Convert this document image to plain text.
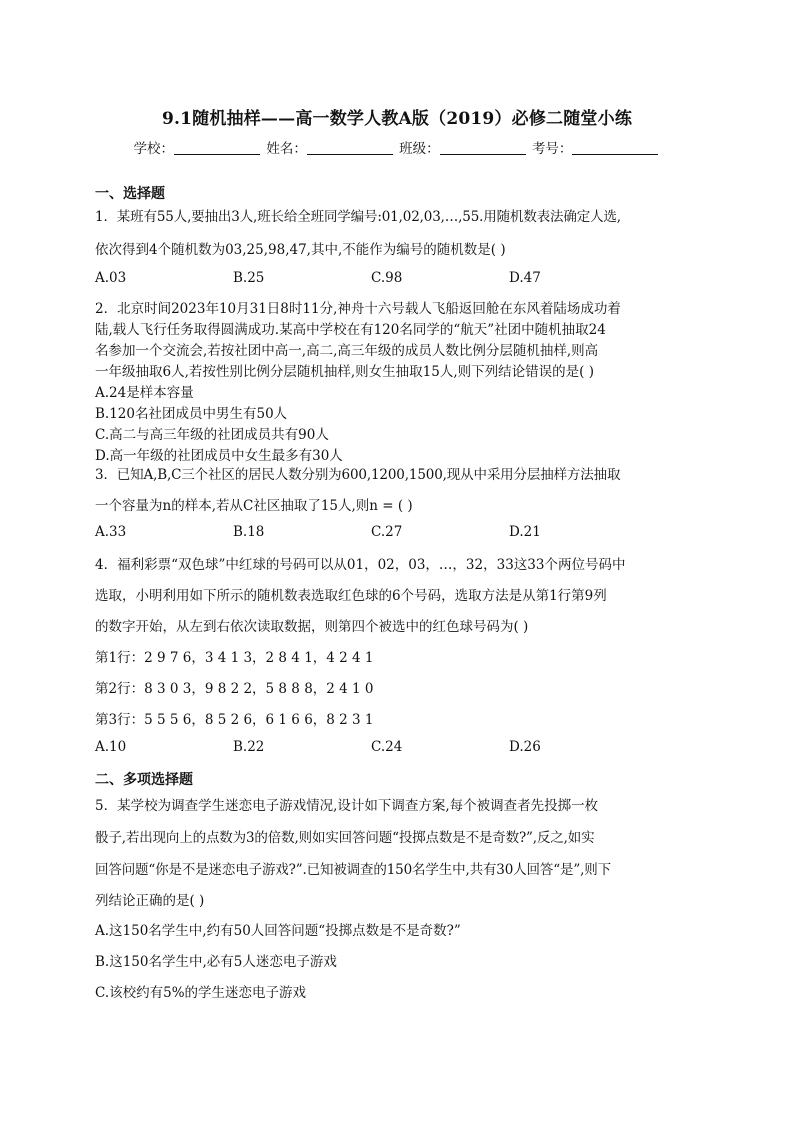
9.1随机抽样——高一数学人教A版（2019）必修二随堂小练
学校：	姓名：	班级：	考号：
一、选择题
1．某班有55人,要抽出3人,班长给全班同学编号:01,02,03,…,55.用随机数表法确定人选,
依次得到4个随机数为03,25,98,47,其中,不能作为编号的随机数是( )
A.03	B.25	C.98	D.47
2．北京时间2023年10月31日8时11分,神舟十六号载人飞船返回舱在东风着陆场成功着
陆,载人飞行任务取得圆满成功.某高中学校在有120名同学的“航天”社团中随机抽取24
名参加一个交流会,若按社团中高一,高二,高三年级的成员人数比例分层随机抽样,则高
一年级抽取6人,若按性别比例分层随机抽样,则女生抽取15人,则下列结论错误的是( )
A.24是样本容量
B.120名社团成员中男生有50人
C.高二与高三年级的社团成员共有90人
D.高一年级的社团成员中女生最多有30人
3．已知A,B,C三个社区的居民人数分别为600,1200,1500,现从中采用分层抽样方法抽取
一个容量为n的样本,若从C社区抽取了15人,则n = ( )
A.33	B.18	C.27	D.21
4．福利彩票“双色球”中红球的号码可以从01，02，03，…，32，33这33个两位号码中
选取，小明利用如下所示的随机数表选取红色球的6个号码，选取方法是从第1行第9列
的数字开始，从左到右依次读取数据，则第四个被选中的红色球号码为( )
第1行：2 9 7 6，3 4 1 3，2 8 4 1，4 2 4 1
第2行：8 3 0 3，9 8 2 2，5 8 8 8，2 4 1 0
第3行：5 5 5 6，8 5 2 6，6 1 6 6，8 2 3 1
A.10	B.22	C.24	D.26
二、多项选择题
5．某学校为调查学生迷恋电子游戏情况,设计如下调查方案,每个被调查者先投掷一枚
骰子,若出现向上的点数为3的倍数,则如实回答问题“投掷点数是不是奇数?”,反之,如实
回答问题“你是不是迷恋电子游戏?”.已知被调查的150名学生中,共有30人回答“是”,则下
列结论正确的是( )
A.这150名学生中,约有50人回答问题“投掷点数是不是奇数?”
B.这150名学生中,必有5人迷恋电子游戏
C.该校约有5%的学生迷恋电子游戏
